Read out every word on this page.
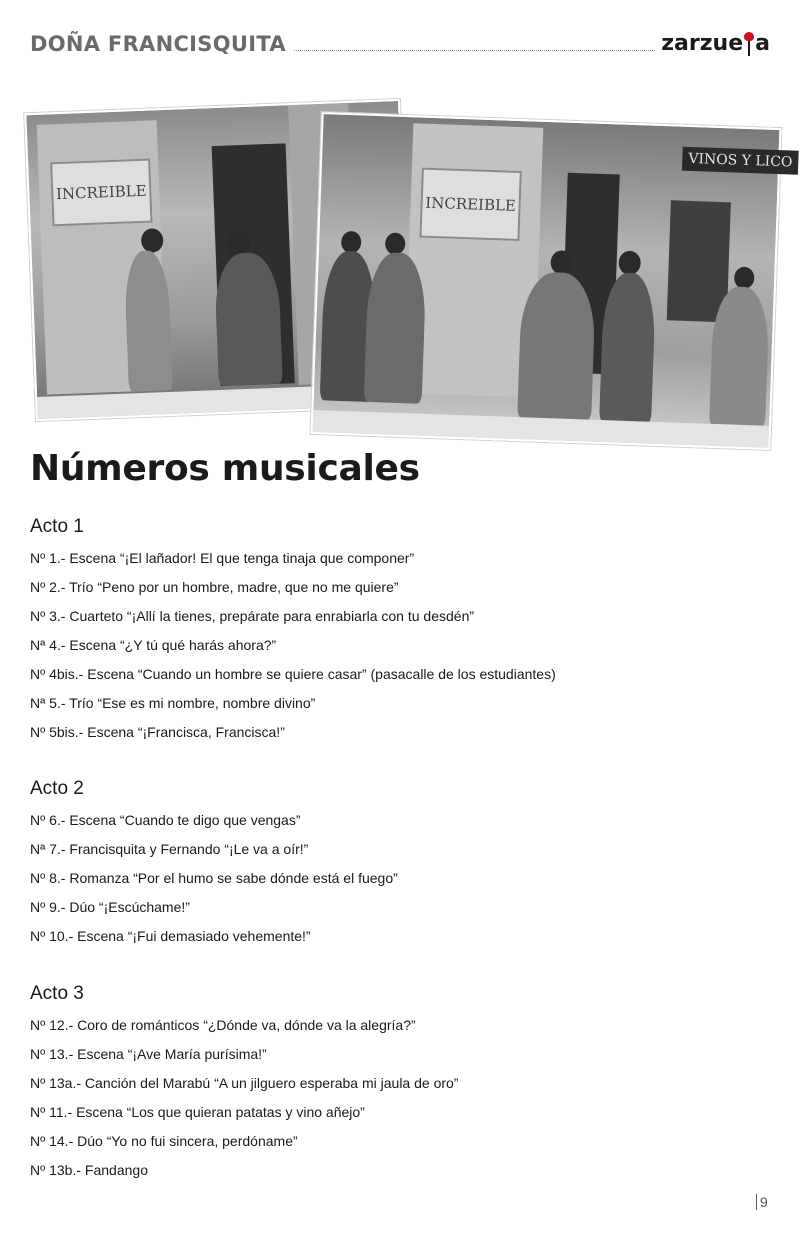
DOÑA FRANCISQUITA	zarzue a
INCREIBLE
INCREIBLE
VINOS Y LICO
Números musicales
Acto 1
Nº 1.- Escena “¡El lañador! El que tenga tinaja que componer”
Nº 2.- Trío “Peno por un hombre, madre, que no me quiere”
Nº 3.- Cuarteto “¡Allí la tienes, prepárate para enrabiarla con tu desdén”
Nª 4.- Escena “¿Y tú qué harás ahora?”
Nº 4bis.- Escena “Cuando un hombre se quiere casar” (pasacalle de los estudiantes)
Nª 5.- Trío “Ese es mi nombre, nombre divino”
Nº 5bis.- Escena “¡Francisca, Francisca!”
Acto 2
Nº 6.- Escena “Cuando te digo que vengas”
Nª 7.- Francisquita y Fernando “¡Le va a oír!”
Nº 8.- Romanza “Por el humo se sabe dónde está el fuego”
Nº 9.- Dúo “¡Escúchame!”
Nº 10.- Escena “¡Fui demasiado vehemente!”
Acto 3
Nº 12.- Coro de románticos “¿Dónde va, dónde va la alegría?”
Nº 13.- Escena “¡Ave María purísima!”
Nº 13a.- Canción del Marabú “A un jilguero esperaba mi jaula de oro”
Nº 11.- Escena “Los que quieran patatas y vino añejo”
Nº 14.- Dúo “Yo no fui sincera, perdóname”
Nº 13b.- Fandango
9
